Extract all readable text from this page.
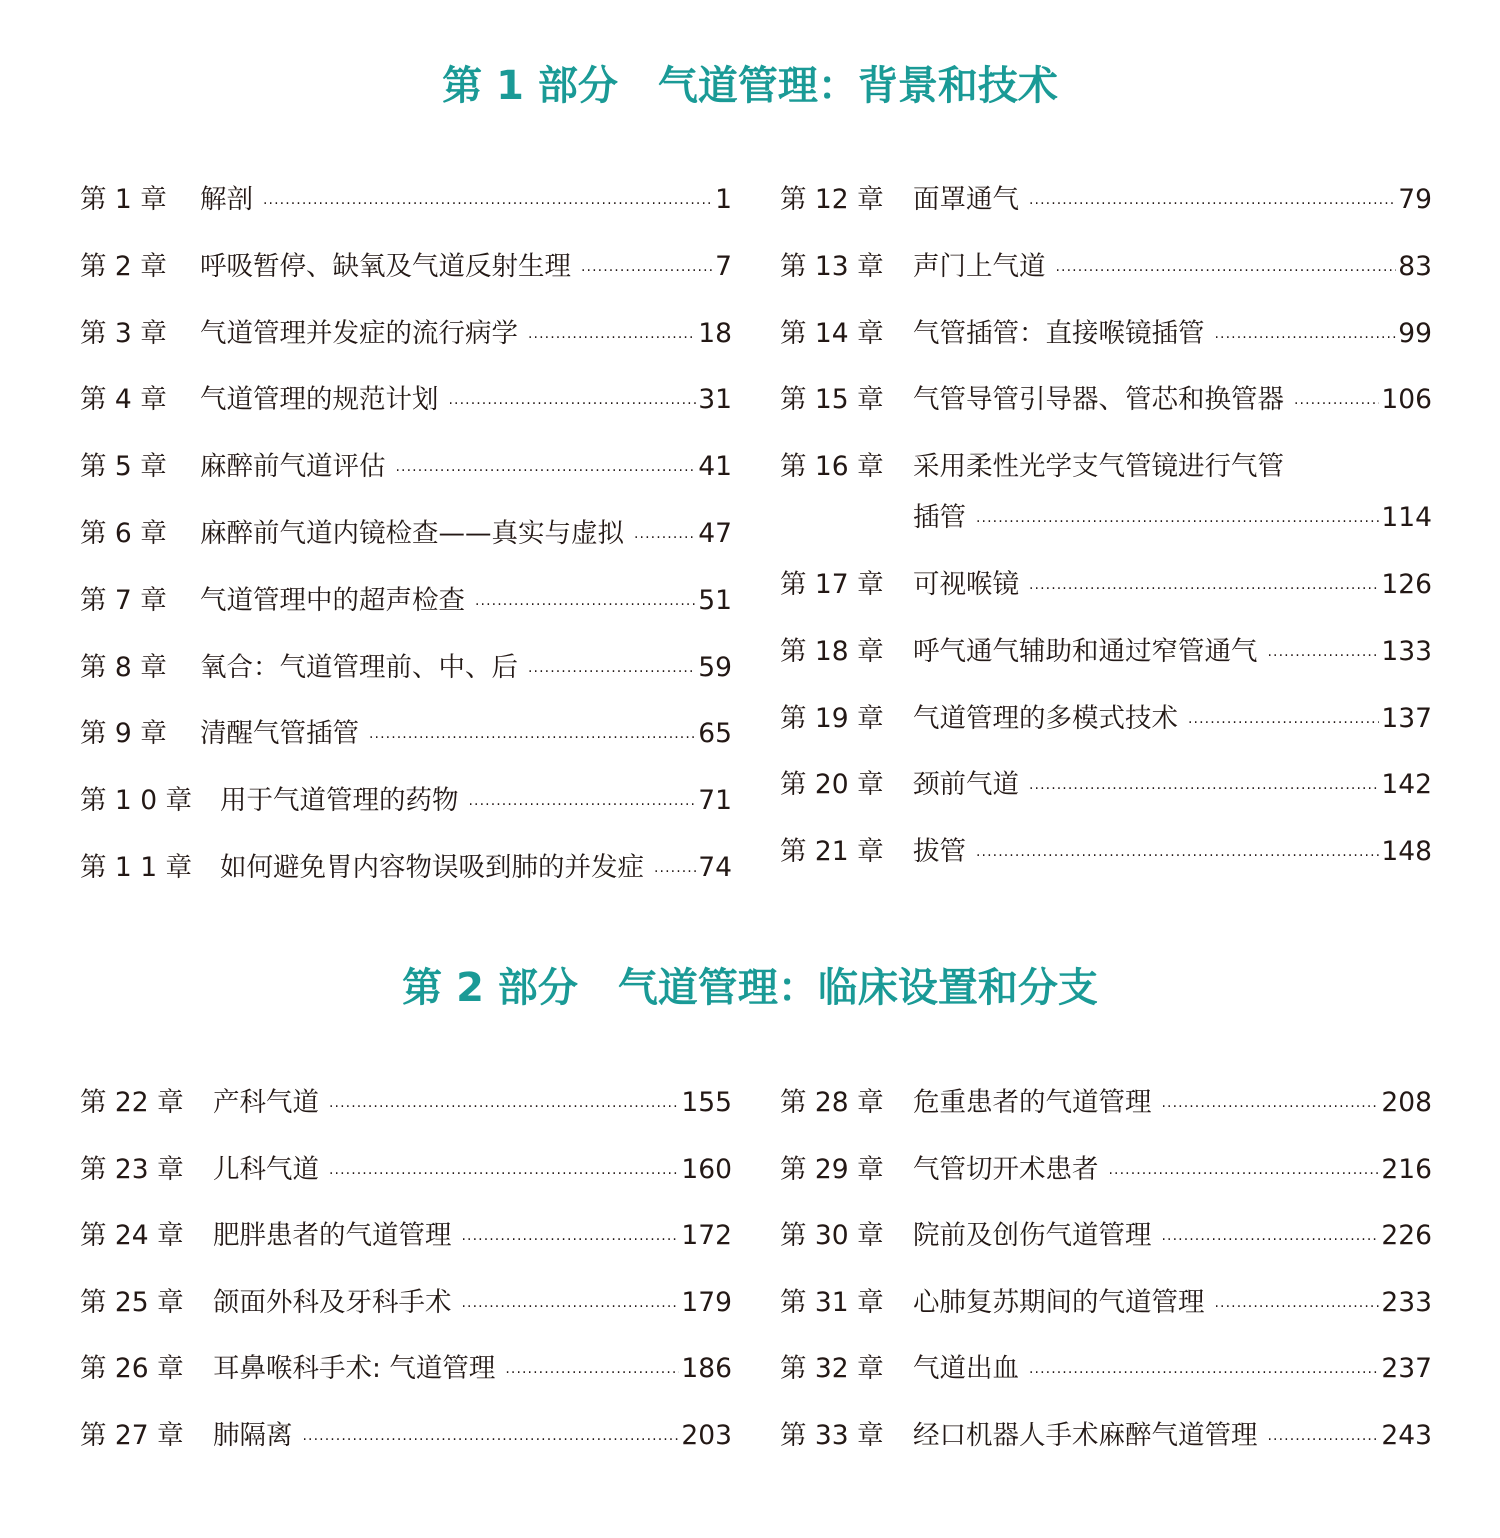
第 1 部分　气道管理：背景和技术
第 1 章	解剖 ·····	1
第 2 章	呼吸暂停、缺氧及气道反射生理 ·····	7
第 3 章	气道管理并发症的流行病学 ·····	18
第 4 章	气道管理的规范计划 ·····	31
第 5 章	麻醉前气道评估 ·····	41
第 6 章	麻醉前气道内镜检查——真实与虚拟 ·····	47
第 7 章	气道管理中的超声检查 ·····	51
第 8 章	氧合：气道管理前、中、后 ·····	59
第 9 章	清醒气管插管 ·····	65
第 1 0 章	用于气道管理的药物 ·····	71
第 1 1 章	如何避免胃内容物误吸到肺的并发症 ·····	74
第 12 章	面罩通气 ·····	79
第 13 章	声门上气道 ·····	83
第 14 章	气管插管：直接喉镜插管 ·····	99
第 15 章	气管导管引导器、管芯和换管器 ·····	106
第 16 章	采用柔性光学支气管镜进行气管
插管 ·····	114
第 17 章	可视喉镜 ·····	126
第 18 章	呼气通气辅助和通过窄管通气 ·····	133
第 19 章	气道管理的多模式技术 ·····	137
第 20 章	颈前气道 ·····	142
第 21 章	拔管 ·····	148
第 2 部分　气道管理：临床设置和分支
第 22 章	产科气道 ·····	155
第 23 章	儿科气道 ·····	160
第 24 章	肥胖患者的气道管理 ·····	172
第 25 章	颌面外科及牙科手术 ·····	179
第 26 章	耳鼻喉科手术: 气道管理 ·····	186
第 27 章	肺隔离 ·····	203
第 28 章	危重患者的气道管理 ·····	208
第 29 章	气管切开术患者 ·····	216
第 30 章	院前及创伤气道管理 ·····	226
第 31 章	心肺复苏期间的气道管理 ·····	233
第 32 章	气道出血 ·····	237
第 33 章	经口机器人手术麻醉气道管理 ·····	243
